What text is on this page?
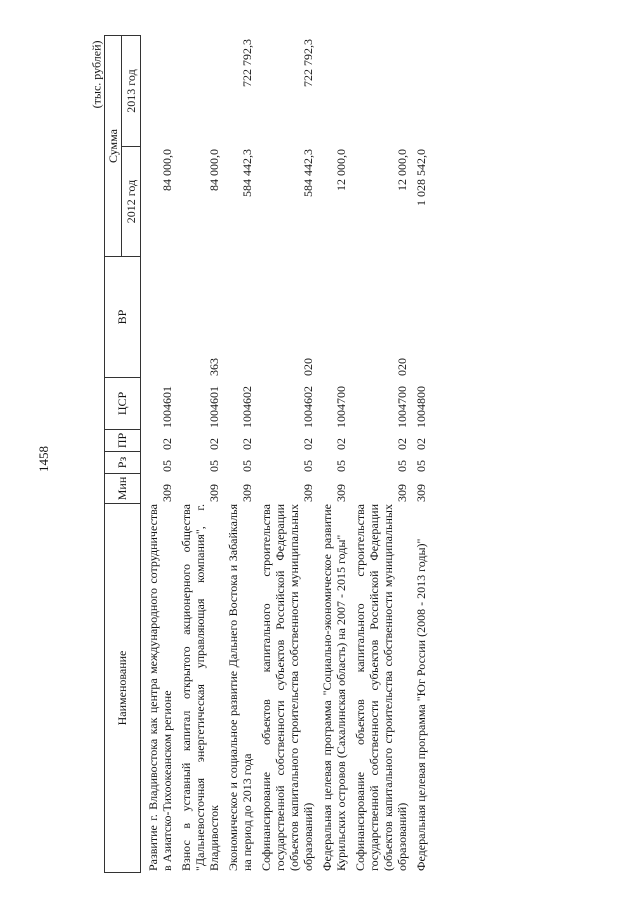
1458
(тыс. рублей)
Наименование
Мин
Рз
ПР
ЦСР
ВР
Сумма
2012 год
2013 год
Развитие г. Владивостока как центра международного сотрудничества в Азиатско-Тихоокеанском регионе
309
05
02
1004601
84 000,0
Взнос в уставный капитал открытого акционерного общества "Дальневосточная энергетическая управляющая компания", г. Владивосток
309
05
02
1004601
363
84 000,0
Экономическое и социальное развитие Дальнего Востока и Забайкалья на период до 2013 года
309
05
02
1004602
584 442,3
722 792,3
Софинансирование объектов капитального строительства государственной собственности субъектов Российской Федерации (объектов капитального строительства собственности муниципальных образований)
309
05
02
1004602
020
584 442,3
722 792,3
Федеральная целевая программа "Социально-экономическое развитие Курильских островов (Сахалинская область) на 2007 - 2015 годы"
309
05
02
1004700
12 000,0
Софинансирование объектов капитального строительства государственной собственности субъектов Российской Федерации (объектов капитального строительства собственности муниципальных образований)
309
05
02
1004700
020
12 000,0
Федеральная целевая программа "Юг России (2008 - 2013 годы)"
309
05
02
1004800
1 028 542,0
